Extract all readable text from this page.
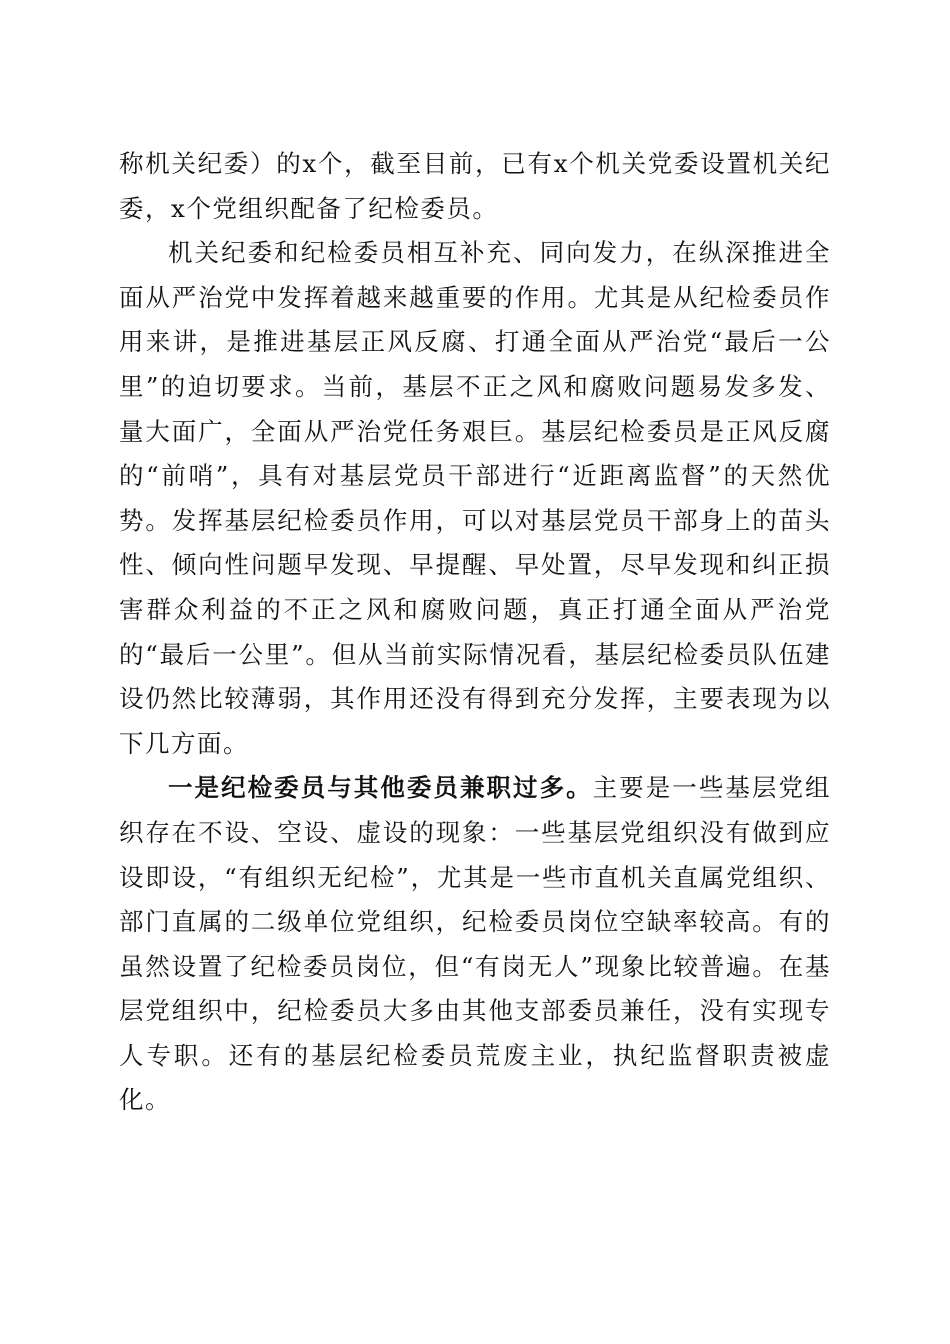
称机关纪委）的x个，截至目前，已有x个机关党委设置机关纪委，x个党组织配备了纪检委员。

机关纪委和纪检委员相互补充、同向发力，在纵深推进全面从严治党中发挥着越来越重要的作用。尤其是从纪检委员作用来讲，是推进基层正风反腐、打通全面从严治党“最后一公里”的迫切要求。当前，基层不正之风和腐败问题易发多发、量大面广，全面从严治党任务艰巨。基层纪检委员是正风反腐的“前哨”，具有对基层党员干部进行“近距离监督”的天然优势。发挥基层纪检委员作用，可以对基层党员干部身上的苗头性、倾向性问题早发现、早提醒、早处置，尽早发现和纠正损害群众利益的不正之风和腐败问题，真正打通全面从严治党的“最后一公里”。但从当前实际情况看，基层纪检委员队伍建设仍然比较薄弱，其作用还没有得到充分发挥，主要表现为以下几方面。

一是纪检委员与其他委员兼职过多。主要是一些基层党组织存在不设、空设、虚设的现象：一些基层党组织没有做到应设即设，“有组织无纪检”，尤其是一些市直机关直属党组织、部门直属的二级单位党组织，纪检委员岗位空缺率较高。有的虽然设置了纪检委员岗位，但“有岗无人”现象比较普遍。在基层党组织中，纪检委员大多由其他支部委员兼任，没有实现专人专职。还有的基层纪检委员荒废主业，执纪监督职责被虚化。
